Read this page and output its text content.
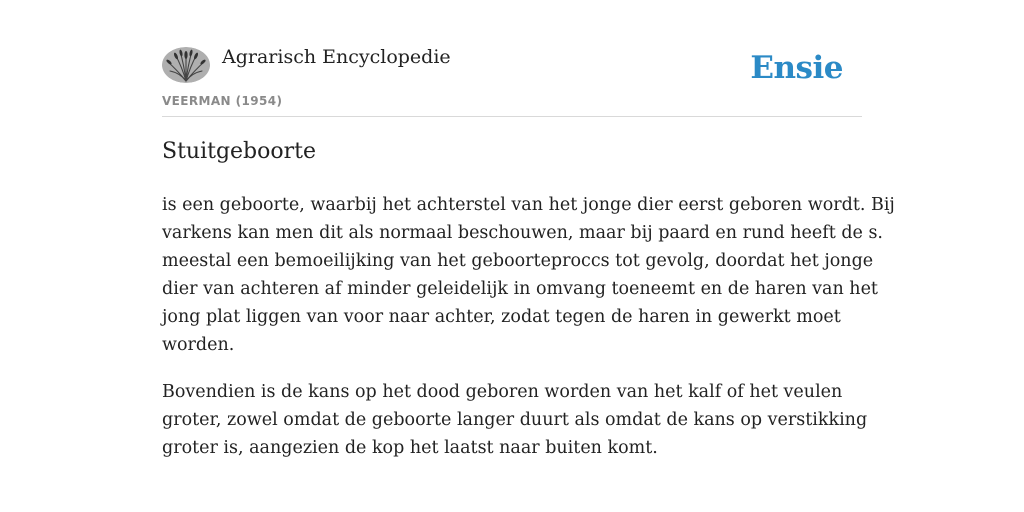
Agrarisch Encyclopedie
VEERMAN (1954)
Ensie
Stuitgeboorte

is een geboorte, waarbij het achterstel van het jonge dier eerst geboren wordt. Bij
varkens kan men dit als normaal beschouwen, maar bij paard en rund heeft de s.
meestal een bemoeilijking van het geboorteproccs tot gevolg, doordat het jonge
dier van achteren af minder geleidelijk in omvang toeneemt en de haren van het
jong plat liggen van voor naar achter, zodat tegen de haren in gewerkt moet
worden.

Bovendien is de kans op het dood geboren worden van het kalf of het veulen
groter, zowel omdat de geboorte langer duurt als omdat de kans op verstikking
groter is, aangezien de kop het laatst naar buiten komt.
